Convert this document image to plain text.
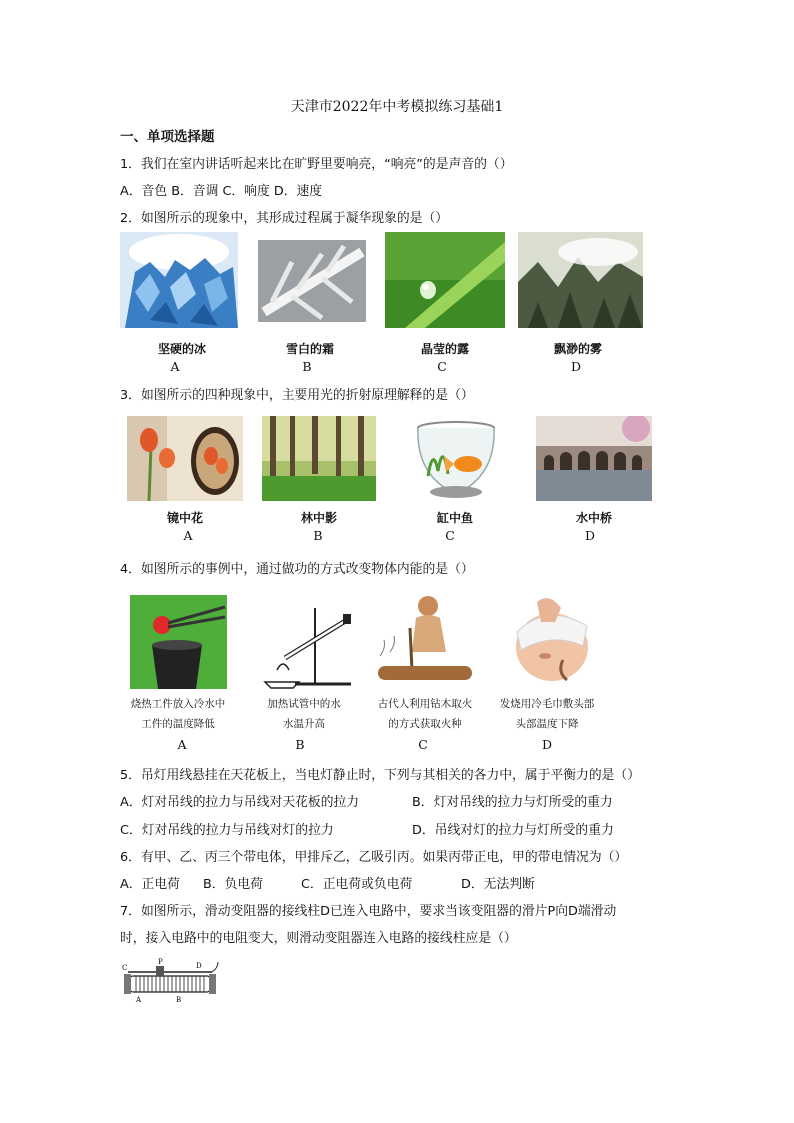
天津市2022年中考模拟练习基础1
一、单项选择题
1．我们在室内讲话听起来比在旷野里要响亮，“响亮”的是声音的（）
A．音色 B．音调 C．响度 D．速度
2．如图所示的现象中，其形成过程属于凝华现象的是（）
坚硬的冰	雪白的霜	晶莹的露	飘渺的雾
A	B	C	D
3．如图所示的四种现象中，主要用光的折射原理解释的是（）
镜中花	林中影	缸中鱼	水中桥
A	B	C	D
4．如图所示的事例中，通过做功的方式改变物体内能的是（）
烧热工件放入冷水中
工件的温度降低
加热试管中的水
水温升高
古代人利用钻木取火
的方式获取火种
发烧用冷毛巾敷头部
头部温度下降
A	B	C	D
5．吊灯用线悬挂在天花板上，当电灯静止时，下列与其相关的各力中，属于平衡力的是（）
A．灯对吊线的拉力与吊线对天花板的拉力	B．灯对吊线的拉力与灯所受的重力
C．灯对吊线的拉力与吊线对灯的拉力	D．吊线对灯的拉力与灯所受的重力
6．有甲、乙、丙三个带电体，甲排斥乙，乙吸引丙。如果丙带正电，甲的带电情况为（）
A．正电荷 B．负电荷	C．正电荷或负电荷	D．无法判断
7．如图所示，滑动变阻器的接线柱D已连入电路中，要求当该变阻器的滑片P向D端滑动
时，接入电路中的电阻变大，则滑动变阻器连入电路的接线柱应是（）
C
P	D
A	B
